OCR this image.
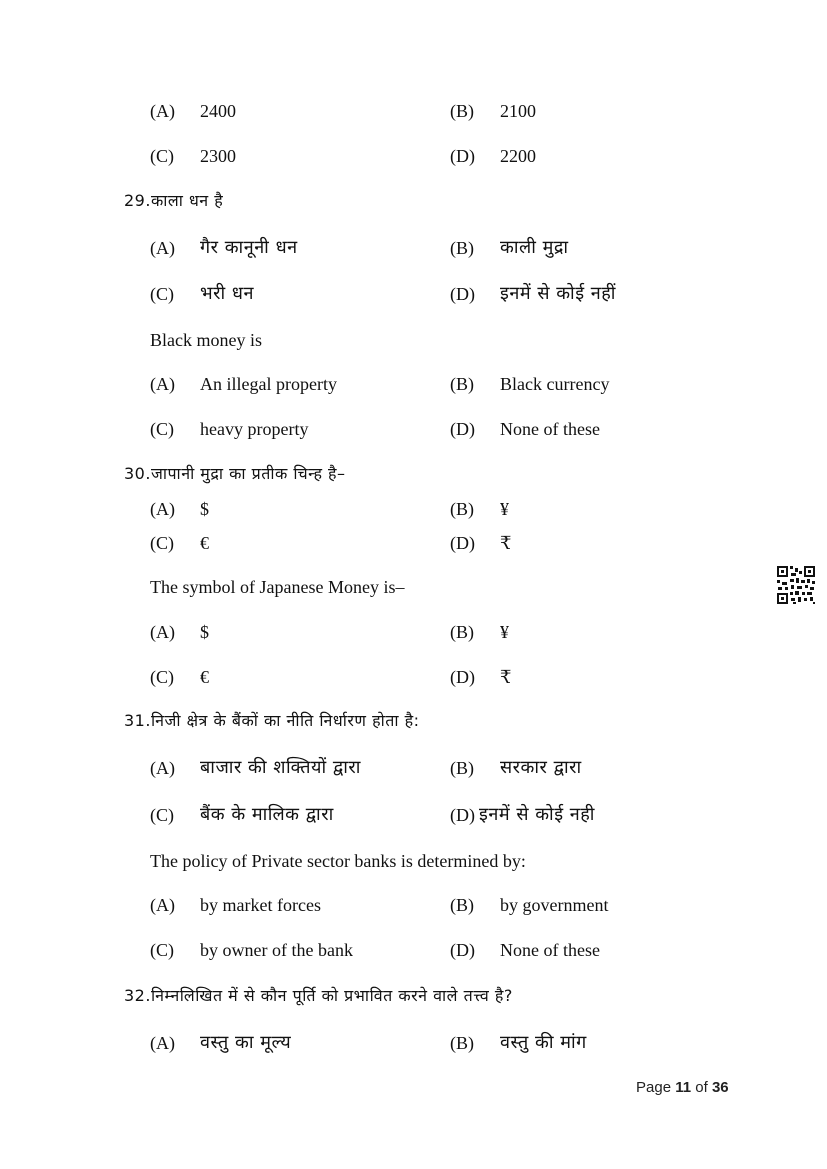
(A) 2400	(B) 2100
(C) 2300	(D) 2200
29.काला धन है
(A) गैर कानूनी धन	(B) काली मुद्रा
(C) भरी धन	(D) इनमें से कोई नहीं
Black money is
(A) An illegal property	(B) Black currency
(C) heavy property	(D) None of these
30.जापानी मुद्रा का प्रतीक चिन्ह है–
(A) $	(B) ¥
(C) €	(D) ₹
The symbol of Japanese Money is–
(A) $	(B) ¥
(C) €	(D) ₹
31.निजी क्षेत्र के बैंकों का नीति निर्धारण होता है:
(A) बाजार की शक्तियों द्वारा	(B) सरकार द्वारा
(C) बैंक के मालिक द्वारा	(D) इनमें से कोई नही
The policy of Private sector banks is determined by:
(A) by market forces	(B) by government
(C) by owner of the bank	(D) None of these
32.निम्नलिखित में से कौन पूर्ति को प्रभावित करने वाले तत्त्व है?
(A) वस्तु का मूल्य	(B) वस्तु की मांग
Page 11 of 36
